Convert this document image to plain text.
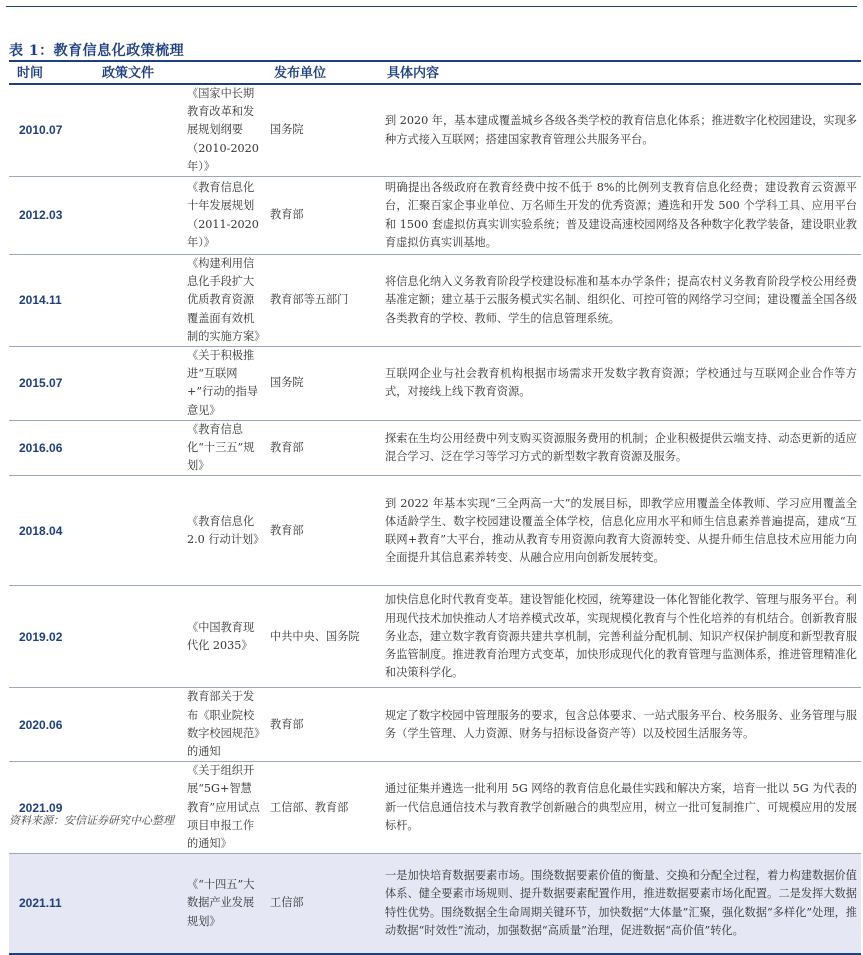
表 1：教育信息化政策梳理
时间	政策文件	发布单位	具体内容
2010.07	《国家中长期教育改革和发展规划纲要（2010-2020年）》	国务院	到 2020 年，基本建成覆盖城乡各级各类学校的教育信息化体系；推进数字化校园建设，实现多种方式接入互联网；搭建国家教育管理公共服务平台。
2012.03	《教育信息化十年发展规划（2011-2020 年）》	教育部	明确提出各级政府在教育经费中按不低于 8%的比例列支教育信息化经费；建设教育云资源平台，汇聚百家企事业单位、万名师生开发的优秀资源；遴选和开发 500 个学科工具、应用平台和 1500 套虚拟仿真实训实验系统；普及建设高速校园网络及各种数字化教学装备，建设职业教育虚拟仿真实训基地。
2014.11	《构建利用信息化手段扩大优质教育资源覆盖面有效机制的实施方案》	教育部等五部门	将信息化纳入义务教育阶段学校建设标准和基本办学条件；提高农村义务教育阶段学校公用经费基准定额；建立基于云服务模式实名制、组织化、可控可管的网络学习空间；建设覆盖全国各级各类教育的学校、教师、学生的信息管理系统。
2015.07	《关于积极推进“互联网+”行动的指导意见》	国务院	互联网企业与社会教育机构根据市场需求开发数字教育资源；学校通过与互联网企业合作等方式，对接线上线下教育资源。
2016.06	《教育信息化“十三五”规划》	教育部	探索在生均公用经费中列支购买资源服务费用的机制；企业积极提供云端支持、动态更新的适应混合学习、泛在学习等学习方式的新型数字教育资源及服务。
2018.04	《教育信息化 2.0 行动计划》	教育部	到 2022 年基本实现“三全两高一大”的发展目标，即教学应用覆盖全体教师、学习应用覆盖全体适龄学生、数字校园建设覆盖全体学校，信息化应用水平和师生信息素养普遍提高，建成“互联网+教育”大平台，推动从教育专用资源向教育大资源转变、从提升师生信息技术应用能力向全面提升其信息素养转变、从融合应用向创新发展转变。
2019.02	《中国教育现代化 2035》	中共中央、国务院	加快信息化时代教育变革。建设智能化校园，统筹建设一体化智能化教学、管理与服务平台。利用现代技术加快推动人才培养模式改革，实现规模化教育与个性化培养的有机结合。创新教育服务业态，建立数字教育资源共建共享机制，完善利益分配机制、知识产权保护制度和新型教育服务监管制度。推进教育治理方式变革，加快形成现代化的教育管理与监测体系，推进管理精准化和决策科学化。
2020.06	教育部关于发布《职业院校数字校园规范》的通知	教育部	规定了数字校园中管理服务的要求，包含总体要求、一站式服务平台、校务服务、业务管理与服务（学生管理、人力资源、财务与招标设备资产等）以及校园生活服务等。
2021.09	《关于组织开展“5G+智慧教育”应用试点项目申报工作的通知》	工信部、教育部	通过征集并遴选一批利用 5G 网络的教育信息化最佳实践和解决方案，培育一批以 5G 为代表的新一代信息通信技术与教育教学创新融合的典型应用，树立一批可复制推广、可规模应用的发展标杆。
2021.11	《“十四五”大数据产业发展规划》	工信部	一是加快培育数据要素市场。围绕数据要素价值的衡量、交换和分配全过程，着力构建数据价值体系、健全要素市场规则、提升数据要素配置作用，推进数据要素市场化配置。二是发挥大数据特性优势。围绕数据全生命周期关键环节，加快数据“大体量”汇聚，强化数据“多样化”处理，推动数据“时效性”流动，加强数据“高质量”治理，促进数据“高价值”转化。
资料来源：安信证券研究中心整理
